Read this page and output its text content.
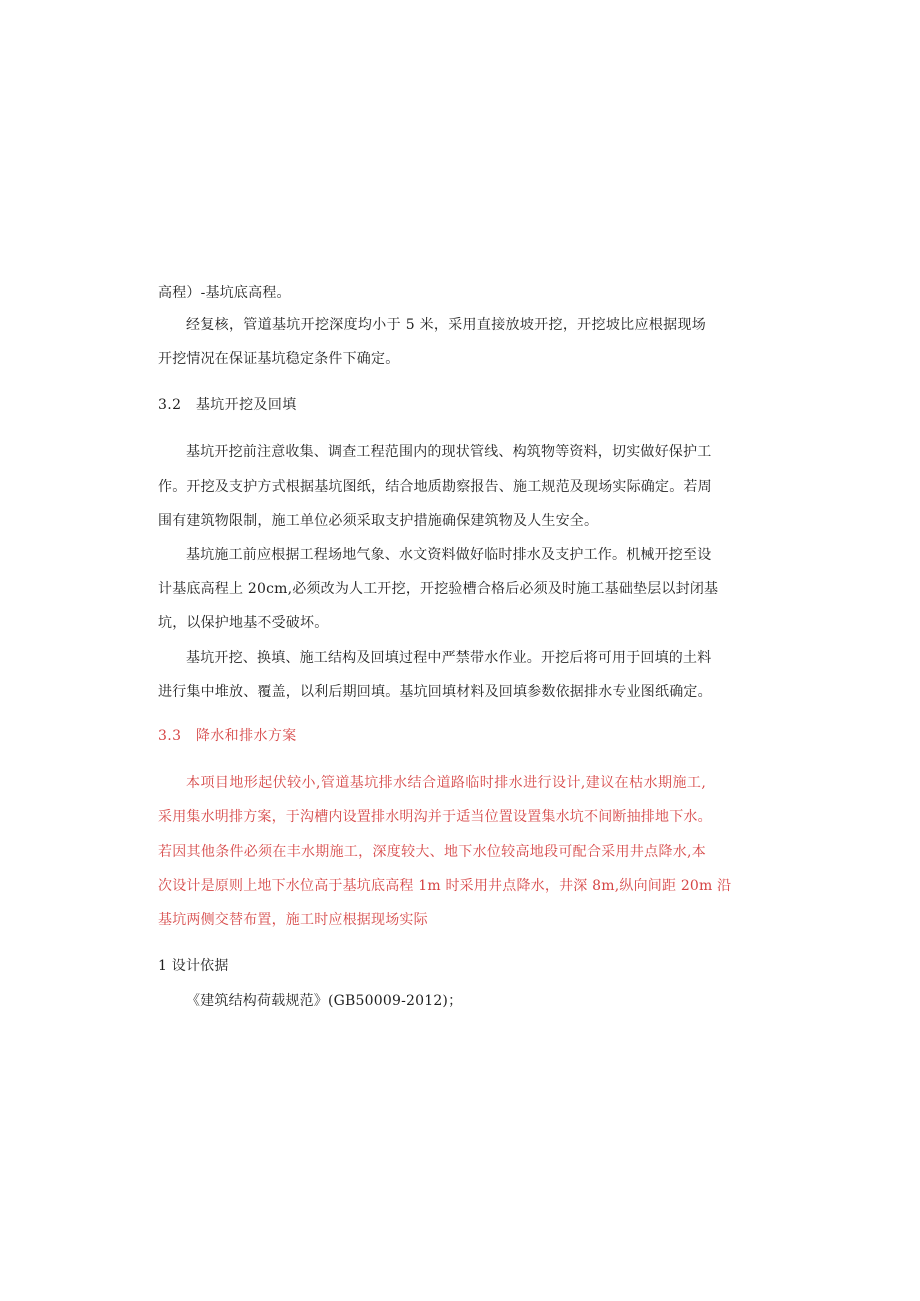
高程）-基坑底高程。
经复核，管道基坑开挖深度均小于 5 米，采用直接放坡开挖，开挖坡比应根据现场
开挖情况在保证基坑稳定条件下确定。
3.2　基坑开挖及回填
基坑开挖前注意收集、调查工程范围内的现状管线、构筑物等资料，切实做好保护工
作。开挖及支护方式根据基坑图纸，结合地质勘察报告、施工规范及现场实际确定。若周
围有建筑物限制，施工单位必须采取支护措施确保建筑物及人生安全。
基坑施工前应根据工程场地气象、水文资料做好临时排水及支护工作。机械开挖至设
计基底高程上 20cm,必须改为人工开挖，开挖验槽合格后必须及时施工基础垫层以封闭基
坑，以保护地基不受破坏。
基坑开挖、换填、施工结构及回填过程中严禁带水作业。开挖后将可用于回填的土料
进行集中堆放、覆盖，以利后期回填。基坑回填材料及回填参数依据排水专业图纸确定。
3.3　降水和排水方案
本项目地形起伏较小,管道基坑排水结合道路临时排水进行设计,建议在枯水期施工,
采用集水明排方案，于沟槽内设置排水明沟并于适当位置设置集水坑不间断抽排地下水。
若因其他条件必须在丰水期施工，深度较大、地下水位较高地段可配合采用井点降水,本
次设计是原则上地下水位高于基坑底高程 1m 时采用井点降水，井深 8m,纵向间距 20m 沿
基坑两侧交替布置，施工时应根据现场实际
1 设计依据
《建筑结构荷载规范》(GB50009-2012)；
